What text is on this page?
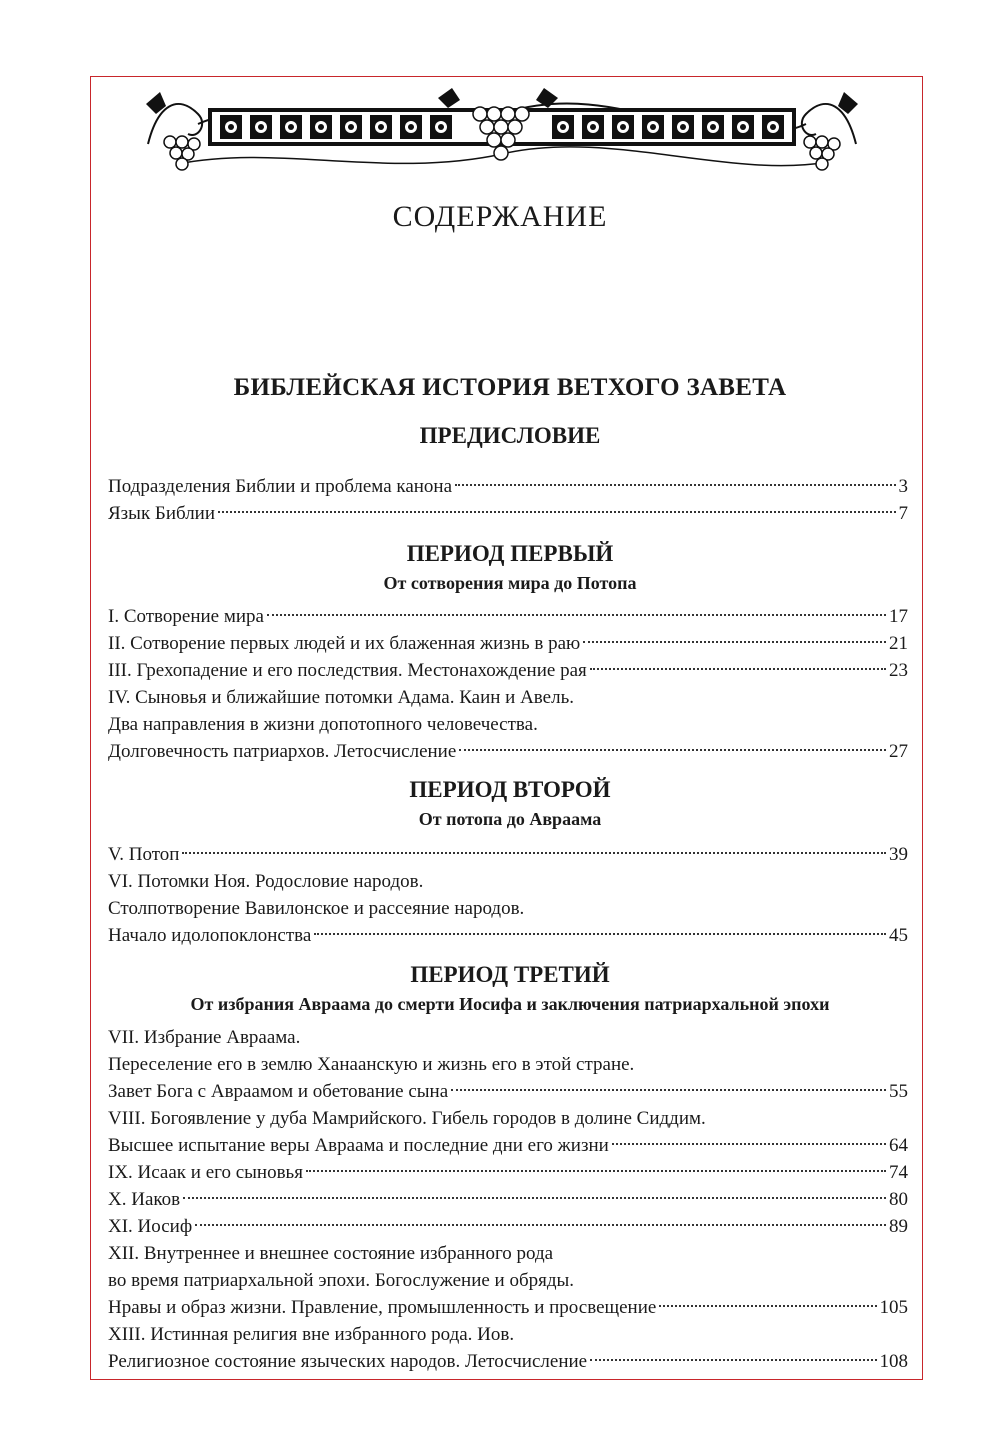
СОДЕРЖАНИЕ
БИБЛЕЙСКАЯ ИСТОРИЯ ВЕТХОГО ЗАВЕТА
ПРЕДИСЛОВИЕ
Подразделения Библии и проблема канона	3
Язык Библии	7
ПЕРИОД ПЕРВЫЙ
От сотворения мира до Потопа
I. Сотворение мира	17
II. Сотворение первых людей и их блаженная жизнь в раю	21
III. Грехопадение и его последствия. Местонахождение рая	23
IV. Сыновья и ближайшие потомки Адама. Каин и Авель.
Два направления в жизни допотопного человечества.
Долговечность патриархов. Летосчисление	27
ПЕРИОД ВТОРОЙ
От потопа до Авраама
V. Потоп	39
VI. Потомки Ноя. Родословие народов.
Столпотворение Вавилонское и рассеяние народов.
Начало идолопоклонства	45
ПЕРИОД ТРЕТИЙ
От избрания Авраама до смерти Иосифа и заключения патриархальной эпохи
VII. Избрание Авраама.
Переселение его в землю Ханаанскую и жизнь его в этой стране.
Завет Бога с Авраамом и обетование сына	55
VIII. Богоявление у дуба Мамрийского. Гибель городов в долине Сиддим.
Высшее испытание веры Авраама и последние дни его жизни	64
IX. Исаак и его сыновья	74
X. Иаков	80
XI. Иосиф	89
XII. Внутреннее и внешнее состояние избранного рода
во время патриархальной эпохи. Богослужение и обряды.
Нравы и образ жизни. Правление, промышленность и просвещение	105
XIII. Истинная религия вне избранного рода. Иов.
Религиозное состояние языческих народов. Летосчисление	108
